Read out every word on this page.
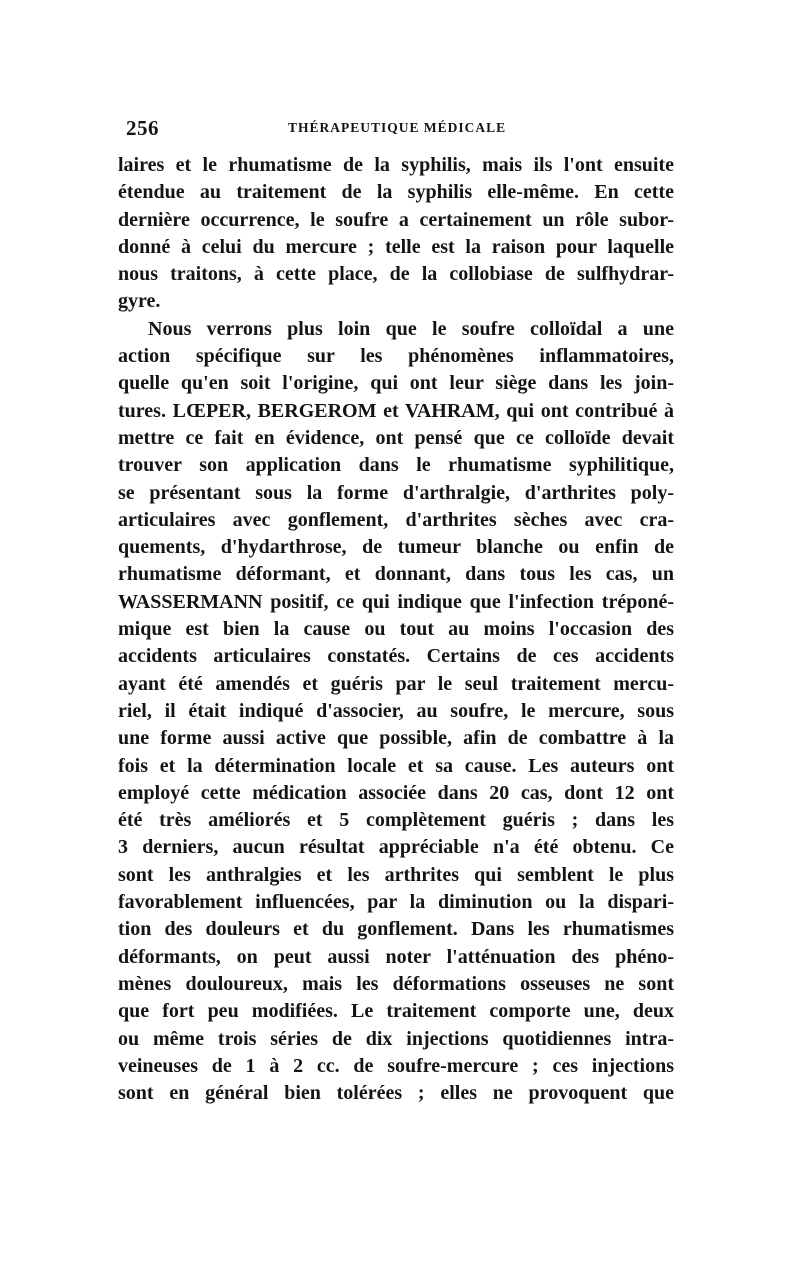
256	THÉRAPEUTIQUE MÉDICALE
laires et le rhumatisme de la syphilis, mais ils l'ont ensuite
étendue au traitement de la syphilis elle-même. En cette
dernière occurrence, le soufre a certainement un rôle subor-
donné à celui du mercure ; telle est la raison pour laquelle
nous traitons, à cette place, de la collobiase de sulfhydrar-
gyre.
Nous verrons plus loin que le soufre colloïdal a une
action spécifique sur les phénomènes inflammatoires,
quelle qu'en soit l'origine, qui ont leur siège dans les join-
tures. LŒPER, BERGEROM et VAHRAM, qui ont contribué à
mettre ce fait en évidence, ont pensé que ce colloïde devait
trouver son application dans le rhumatisme syphilitique,
se présentant sous la forme d'arthralgie, d'arthrites poly-
articulaires avec gonflement, d'arthrites sèches avec cra-
quements, d'hydarthrose, de tumeur blanche ou enfin de
rhumatisme déformant, et donnant, dans tous les cas, un
WASSERMANN positif, ce qui indique que l'infection tréponé-
mique est bien la cause ou tout au moins l'occasion des
accidents articulaires constatés. Certains de ces accidents
ayant été amendés et guéris par le seul traitement mercu-
riel, il était indiqué d'associer, au soufre, le mercure, sous
une forme aussi active que possible, afin de combattre à la
fois et la détermination locale et sa cause. Les auteurs ont
employé cette médication associée dans 20 cas, dont 12 ont
été très améliorés et 5 complètement guéris ; dans les
3 derniers, aucun résultat appréciable n'a été obtenu. Ce
sont les anthralgies et les arthrites qui semblent le plus
favorablement influencées, par la diminution ou la dispari-
tion des douleurs et du gonflement. Dans les rhumatismes
déformants, on peut aussi noter l'atténuation des phéno-
mènes douloureux, mais les déformations osseuses ne sont
que fort peu modifiées. Le traitement comporte une, deux
ou même trois séries de dix injections quotidiennes intra-
veineuses de 1 à 2 cc. de soufre-mercure ; ces injections
sont en général bien tolérées ; elles ne provoquent que
